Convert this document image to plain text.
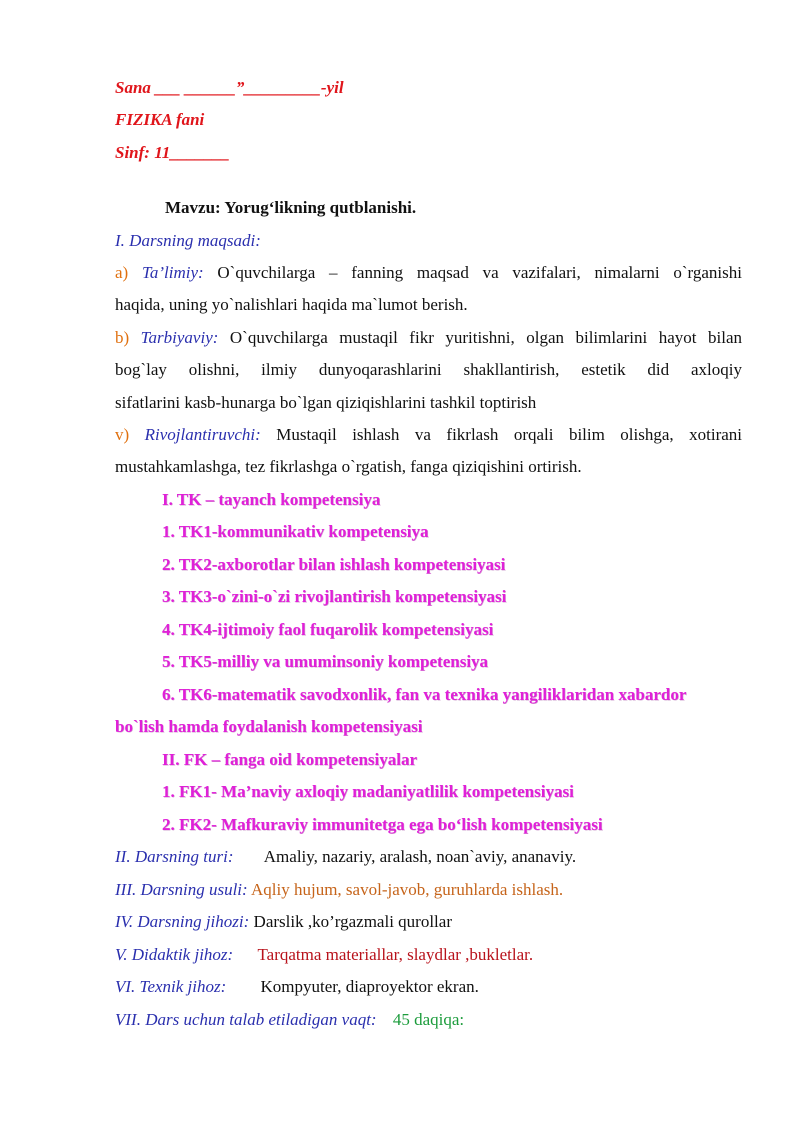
Sana ___ ______”_________-yil
FIZIKA fani
Sinf: 11_______
Mavzu: Yorug‘likning qutblanishi.
I. Darsning maqsadi:
a) Ta’limiy: O`quvchilarga – fanning maqsad va vazifalari, nimalarni o`rganishi
haqida, uning yo`nalishlari haqida ma`lumot berish.
b) Tarbiyaviy: O`quvchilarga mustaqil fikr yuritishni, olgan bilimlarini hayot bilan
bog`lay olishni, ilmiy dunyoqarashlarini shakllantirish, estetik did axloqiy
sifatlarini kasb-hunarga bo`lgan qiziqishlarini tashkil toptirish
v) Rivojlantiruvchi: Mustaqil ishlash va fikrlash orqali bilim olishga, xotirani
mustahkamlashga, tez fikrlashga o`rgatish, fanga qiziqishini ortirish.
I. TK – tayanch kompetensiya
1. TK1-kommunikativ kompetensiya
2. TK2-axborotlar bilan ishlash kompetensiyasi
3. TK3-o`zini-o`zi rivojlantirish kompetensiyasi
4. TK4-ijtimoiy faol fuqarolik kompetensiyasi
5. TK5-milliy va umuminsoniy kompetensiya
6. TK6-matematik savodxonlik, fan va texnika yangiliklaridan xabardor
bo`lish hamda foydalanish kompetensiyasi
II. FK – fanga oid kompetensiyalar
1. FK1- Ma’naviy axloqiy madaniyatlilik kompetensiyasi
2. FK2- Mafkuraviy immunitetga ega bo‘lish kompetensiyasi
II. Darsning turi: Amaliy, nazariy, aralash, noan`aviy, ananaviy.
III. Darsning usuli: Aqliy hujum, savol-javob, guruhlarda ishlash.
IV. Darsning jihozi: Darslik ,ko’rgazmali qurollar
V. Didaktik jihoz: Tarqatma materiallar, slaydlar ,bukletlar.
VI. Texnik jihoz: Kompyuter, diaproyektor ekran.
VII. Dars uchun talab etiladigan vaqt: 45 daqiqa:
